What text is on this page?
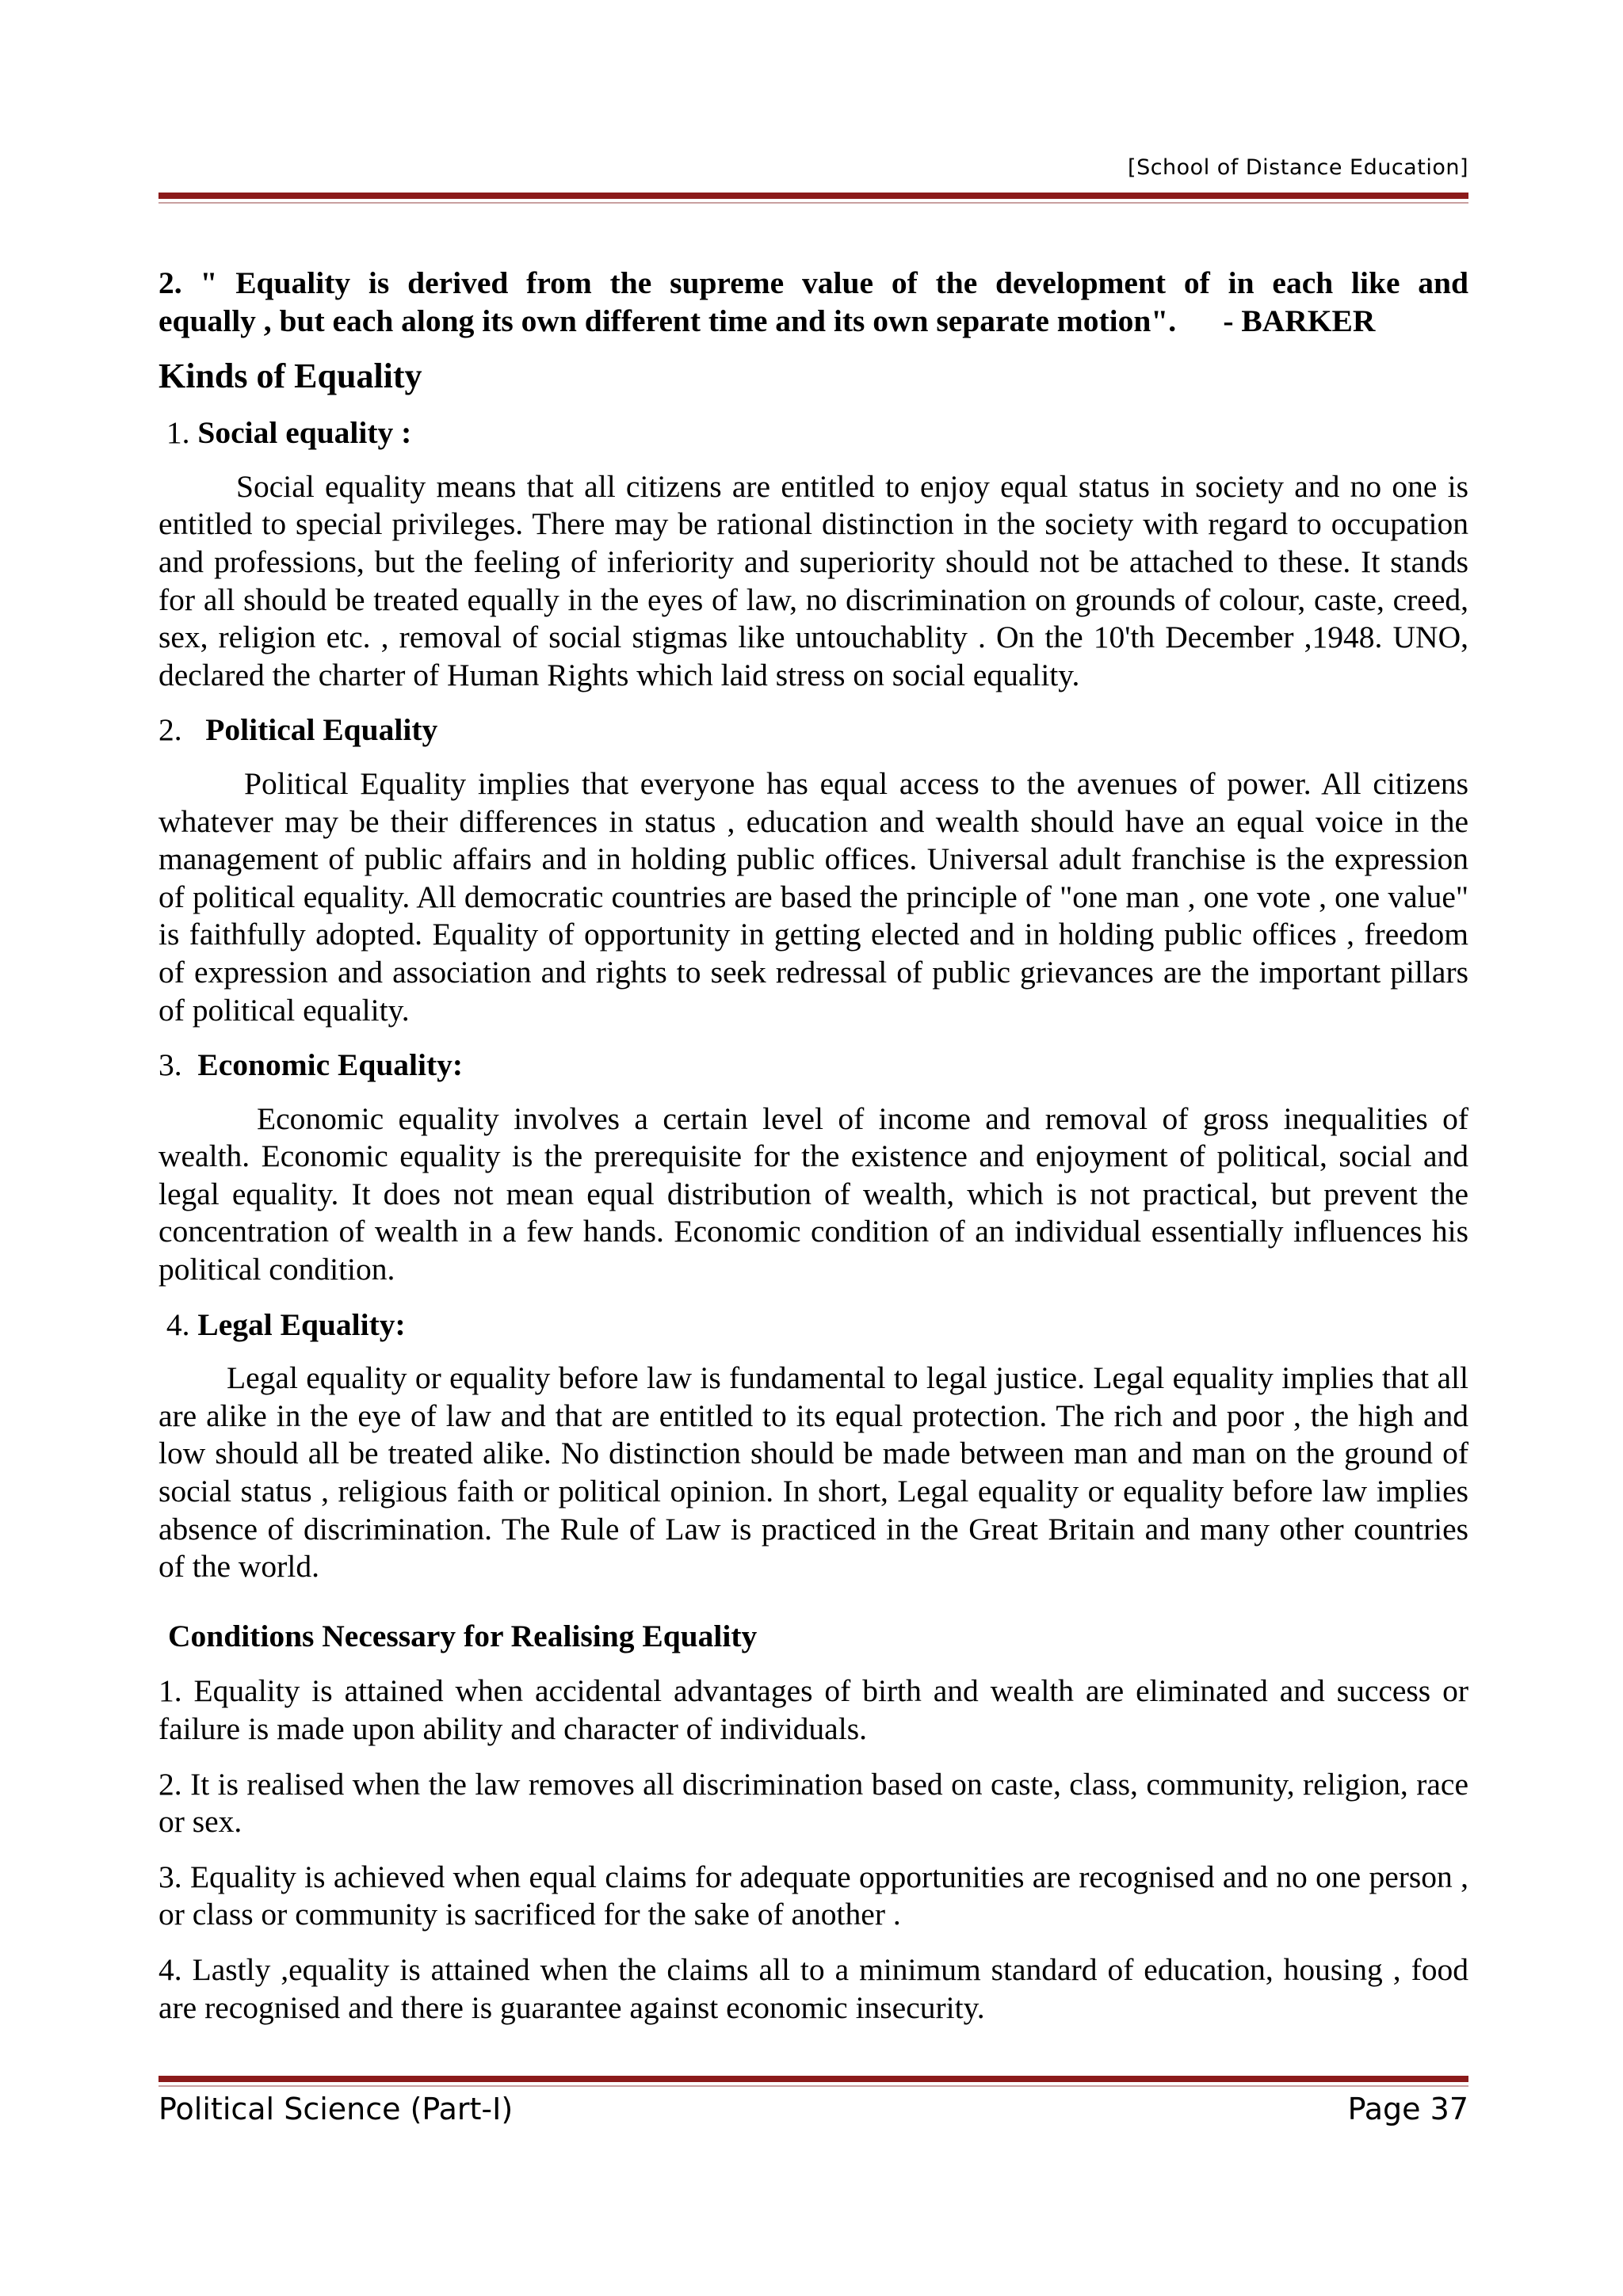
[School of Distance Education]

2. " Equality is derived from the supreme value of the development of in each like and

equally , but each along its own different time and its own separate motion".      - BARKER

Kinds of Equality

1. Social equality :

Social equality means that all citizens are entitled to enjoy equal status in society and no one is entitled to special privileges. There may be rational distinction in the society with regard to occupation and professions, but the feeling of inferiority and superiority should not be attached to these. It stands for all should be treated equally in the eyes of law, no discrimination on grounds of colour, caste, creed, sex, religion etc. , removal of social stigmas like untouchablity . On the 10'th December ,1948. UNO, declared the charter of Human Rights which laid stress on social equality.

2.   Political Equality

Political Equality implies that everyone has equal access to the avenues of power. All citizens whatever may be their differences in status , education and wealth should have an equal voice in the management of public affairs and in holding public offices. Universal adult franchise is the expression of political equality. All democratic countries are based the principle of "one man , one vote , one value" is faithfully adopted. Equality of opportunity in getting elected and in holding public offices , freedom of expression and association and rights to seek redressal of public grievances are the important pillars of political equality.

3.  Economic Equality:

Economic equality involves a certain level of income and removal of gross inequalities of wealth. Economic equality is the prerequisite for the existence and enjoyment of political, social and legal equality. It does not mean equal distribution of wealth, which is not practical, but prevent the concentration of wealth in a few hands. Economic condition of an individual essentially influences his political condition.

4. Legal Equality:

Legal equality or equality before law is fundamental to legal justice. Legal equality implies that all are alike in the eye of law and that are entitled to its equal protection. The rich and poor , the high and low should all be treated alike. No distinction should be made between man and man on the ground of social status , religious faith or political opinion. In short, Legal equality or equality before law implies absence of discrimination. The Rule of Law is practiced in the Great Britain and many other countries of the world.

Conditions Necessary for Realising Equality

1. Equality is attained when accidental advantages of birth and wealth are eliminated and success or failure is made upon ability and character of individuals.

2. It is realised when the law removes all discrimination based on caste, class, community, religion, race or sex.

3. Equality is achieved when equal claims for adequate opportunities are recognised and no one person , or class or community is sacrificed for the sake of another .

4. Lastly ,equality is attained when the claims all to a minimum standard of education, housing , food are recognised and there is guarantee against economic insecurity.

Political Science (Part-I)	Page 37
